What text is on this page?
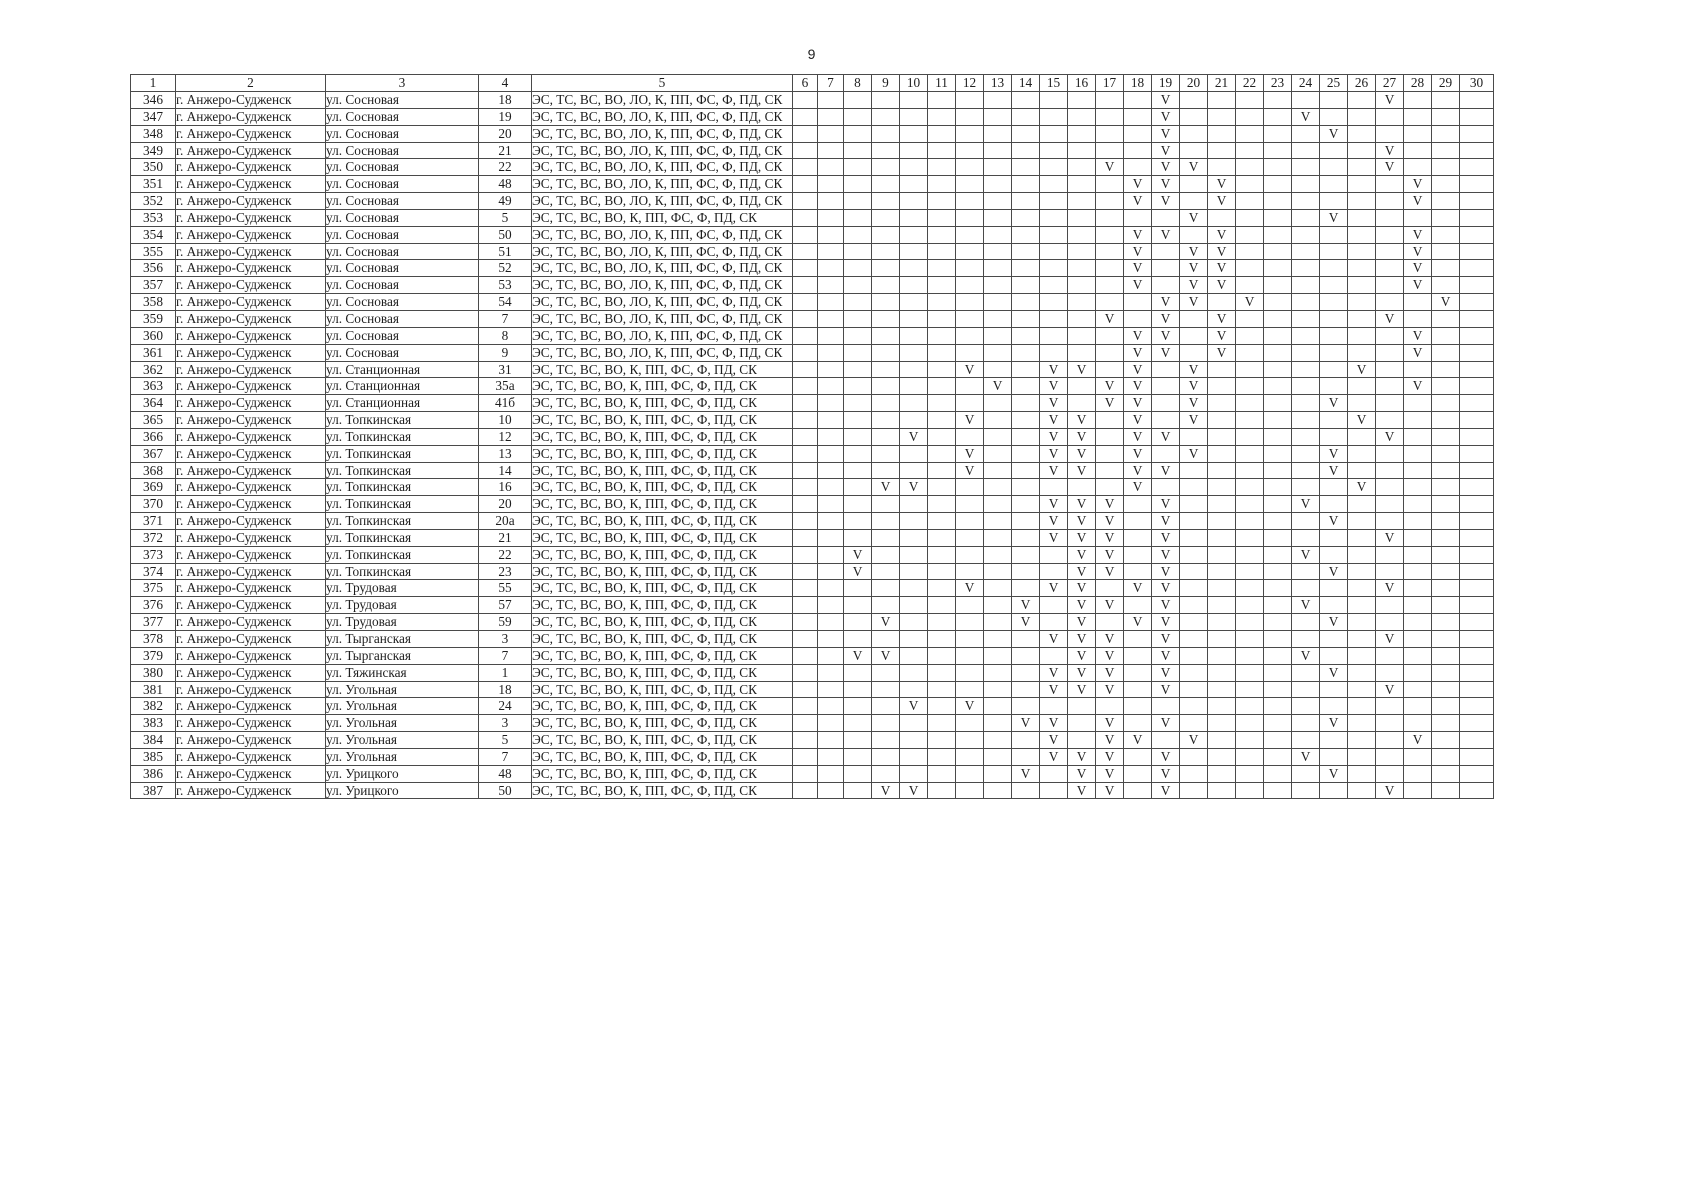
9
1	2	3	4	5	6	7	8	9	10	11	12	13	14	15	16	17	18	19	20	21	22	23	24	25	26	27	28	29	30
346	г. Анжеро-Судженск	ул. Сосновая	18	ЭС, ТС, ВС, ВО, ЛО, К, ПП, ФС, Ф, ПД, СК														V								V			
347	г. Анжеро-Судженск	ул. Сосновая	19	ЭС, ТС, ВС, ВО, ЛО, К, ПП, ФС, Ф, ПД, СК														V					V						
348	г. Анжеро-Судженск	ул. Сосновая	20	ЭС, ТС, ВС, ВО, ЛО, К, ПП, ФС, Ф, ПД, СК														V						V					
349	г. Анжеро-Судженск	ул. Сосновая	21	ЭС, ТС, ВС, ВО, ЛО, К, ПП, ФС, Ф, ПД, СК														V								V			
350	г. Анжеро-Судженск	ул. Сосновая	22	ЭС, ТС, ВС, ВО, ЛО, К, ПП, ФС, Ф, ПД, СК												V		V	V							V			
351	г. Анжеро-Судженск	ул. Сосновая	48	ЭС, ТС, ВС, ВО, ЛО, К, ПП, ФС, Ф, ПД, СК													V	V		V							V		
352	г. Анжеро-Судженск	ул. Сосновая	49	ЭС, ТС, ВС, ВО, ЛО, К, ПП, ФС, Ф, ПД, СК													V	V		V							V		
353	г. Анжеро-Судженск	ул. Сосновая	5	ЭС, ТС, ВС, ВО, К, ПП, ФС, Ф, ПД, СК															V					V					
354	г. Анжеро-Судженск	ул. Сосновая	50	ЭС, ТС, ВС, ВО, ЛО, К, ПП, ФС, Ф, ПД, СК													V	V		V							V		
355	г. Анжеро-Судженск	ул. Сосновая	51	ЭС, ТС, ВС, ВО, ЛО, К, ПП, ФС, Ф, ПД, СК													V		V	V							V		
356	г. Анжеро-Судженск	ул. Сосновая	52	ЭС, ТС, ВС, ВО, ЛО, К, ПП, ФС, Ф, ПД, СК													V		V	V							V		
357	г. Анжеро-Судженск	ул. Сосновая	53	ЭС, ТС, ВС, ВО, ЛО, К, ПП, ФС, Ф, ПД, СК													V		V	V							V		
358	г. Анжеро-Судженск	ул. Сосновая	54	ЭС, ТС, ВС, ВО, ЛО, К, ПП, ФС, Ф, ПД, СК														V	V		V							V	
359	г. Анжеро-Судженск	ул. Сосновая	7	ЭС, ТС, ВС, ВО, ЛО, К, ПП, ФС, Ф, ПД, СК												V		V		V						V			
360	г. Анжеро-Судженск	ул. Сосновая	8	ЭС, ТС, ВС, ВО, ЛО, К, ПП, ФС, Ф, ПД, СК													V	V		V							V		
361	г. Анжеро-Судженск	ул. Сосновая	9	ЭС, ТС, ВС, ВО, ЛО, К, ПП, ФС, Ф, ПД, СК													V	V		V							V		
362	г. Анжеро-Судженск	ул. Станционная	31	ЭС, ТС, ВС, ВО, К, ПП, ФС, Ф, ПД, СК							V			V	V		V		V						V				
363	г. Анжеро-Судженск	ул. Станционная	35а	ЭС, ТС, ВС, ВО, К, ПП, ФС, Ф, ПД, СК								V		V		V	V		V								V		
364	г. Анжеро-Судженск	ул. Станционная	41б	ЭС, ТС, ВС, ВО, К, ПП, ФС, Ф, ПД, СК										V		V	V		V					V					
365	г. Анжеро-Судженск	ул. Топкинская	10	ЭС, ТС, ВС, ВО, К, ПП, ФС, Ф, ПД, СК							V			V	V		V		V						V				
366	г. Анжеро-Судженск	ул. Топкинская	12	ЭС, ТС, ВС, ВО, К, ПП, ФС, Ф, ПД, СК					V					V	V		V	V								V			
367	г. Анжеро-Судженск	ул. Топкинская	13	ЭС, ТС, ВС, ВО, К, ПП, ФС, Ф, ПД, СК							V			V	V		V		V					V					
368	г. Анжеро-Судженск	ул. Топкинская	14	ЭС, ТС, ВС, ВО, К, ПП, ФС, Ф, ПД, СК							V			V	V		V	V						V					
369	г. Анжеро-Судженск	ул. Топкинская	16	ЭС, ТС, ВС, ВО, К, ПП, ФС, Ф, ПД, СК				V	V								V								V				
370	г. Анжеро-Судженск	ул. Топкинская	20	ЭС, ТС, ВС, ВО, К, ПП, ФС, Ф, ПД, СК										V	V	V		V					V						
371	г. Анжеро-Судженск	ул. Топкинская	20а	ЭС, ТС, ВС, ВО, К, ПП, ФС, Ф, ПД, СК										V	V	V		V						V					
372	г. Анжеро-Судженск	ул. Топкинская	21	ЭС, ТС, ВС, ВО, К, ПП, ФС, Ф, ПД, СК										V	V	V		V								V			
373	г. Анжеро-Судженск	ул. Топкинская	22	ЭС, ТС, ВС, ВО, К, ПП, ФС, Ф, ПД, СК			V								V	V		V					V						
374	г. Анжеро-Судженск	ул. Топкинская	23	ЭС, ТС, ВС, ВО, К, ПП, ФС, Ф, ПД, СК			V								V	V		V						V					
375	г. Анжеро-Судженск	ул. Трудовая	55	ЭС, ТС, ВС, ВО, К, ПП, ФС, Ф, ПД, СК							V			V	V		V	V								V			
376	г. Анжеро-Судженск	ул. Трудовая	57	ЭС, ТС, ВС, ВО, К, ПП, ФС, Ф, ПД, СК									V		V	V		V					V						
377	г. Анжеро-Судженск	ул. Трудовая	59	ЭС, ТС, ВС, ВО, К, ПП, ФС, Ф, ПД, СК				V					V		V		V	V						V					
378	г. Анжеро-Судженск	ул. Тырганская	3	ЭС, ТС, ВС, ВО, К, ПП, ФС, Ф, ПД, СК										V	V	V		V								V			
379	г. Анжеро-Судженск	ул. Тырганская	7	ЭС, ТС, ВС, ВО, К, ПП, ФС, Ф, ПД, СК			V	V							V	V		V					V						
380	г. Анжеро-Судженск	ул. Тяжинская	1	ЭС, ТС, ВС, ВО, К, ПП, ФС, Ф, ПД, СК										V	V	V		V						V					
381	г. Анжеро-Судженск	ул. Угольная	18	ЭС, ТС, ВС, ВО, К, ПП, ФС, Ф, ПД, СК										V	V	V		V								V			
382	г. Анжеро-Судженск	ул. Угольная	24	ЭС, ТС, ВС, ВО, К, ПП, ФС, Ф, ПД, СК					V		V																		
383	г. Анжеро-Судженск	ул. Угольная	3	ЭС, ТС, ВС, ВО, К, ПП, ФС, Ф, ПД, СК									V	V		V		V						V					
384	г. Анжеро-Судженск	ул. Угольная	5	ЭС, ТС, ВС, ВО, К, ПП, ФС, Ф, ПД, СК										V		V	V		V								V		
385	г. Анжеро-Судженск	ул. Угольная	7	ЭС, ТС, ВС, ВО, К, ПП, ФС, Ф, ПД, СК										V	V	V		V					V						
386	г. Анжеро-Судженск	ул. Урицкого	48	ЭС, ТС, ВС, ВО, К, ПП, ФС, Ф, ПД, СК									V		V	V		V						V					
387	г. Анжеро-Судженск	ул. Урицкого	50	ЭС, ТС, ВС, ВО, К, ПП, ФС, Ф, ПД, СК				V	V						V	V		V								V			
